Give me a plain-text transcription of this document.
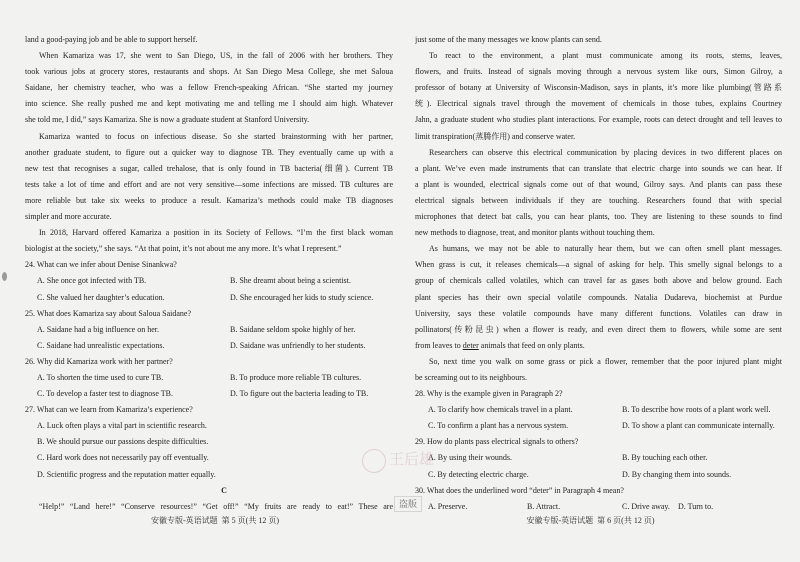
land a good-paying job and be able to support herself.
When Kamariza was 17, she went to San Diego, US, in the fall of 2006 with her brothers. They
took various jobs at grocery stores, restaurants and shops. At San Diego Mesa College, she met Saloua
Saidane, her chemistry teacher, who was a fellow French-speaking African. “She started my journey
into science. She really pushed me and kept motivating me and telling me I should aim high. Whatever
she told me, I did,” says Kamariza. She is now a graduate student at Stanford University.
Kamariza wanted to focus on infectious disease. So she started brainstorming with her partner,
another graduate student, to figure out a quicker way to diagnose TB. They eventually came up with a
new test that recognises a sugar, called trehalose, that is only found in TB bacteria(细菌). Current TB
tests take a lot of time and effort and are not very sensitive—some infections are missed. TB cultures are
more reliable but take six weeks to produce a result. Kamariza’s methods could make TB diagnoses
simpler and more accurate.
In 2018, Harvard offered Kamariza a position in its Society of Fellows. “I’m the first black woman
biologist at the society,” she says. “At that point, it’s not about me any more. It’s what I represent.”
24. What can we infer about Denise Sinankwa?
A. She once got infected with TB.	B. She dreamt about being a scientist.
C. She valued her daughter’s education.	D. She encouraged her kids to study science.
25. What does Kamariza say about Saloua Saidane?
A. Saidane had a big influence on her.	B. Saidane seldom spoke highly of her.
C. Saidane had unrealistic expectations.	D. Saidane was unfriendly to her students.
26. Why did Kamariza work with her partner?
A. To shorten the time used to cure TB.	B. To produce more reliable TB cultures.
C. To develop a faster test to diagnose TB.	D. To figure out the bacteria leading to TB.
27. What can we learn from Kamariza’s experience?
A. Luck often plays a vital part in scientific research.
B. We should pursue our passions despite difficulties.
C. Hard work does not necessarily pay off eventually.
D. Scientific progress and the reputation matter equally.
C
“Help!” “Land here!” “Conserve resources!” “Get off!” “My fruits are ready to eat!” These are
just some of the many messages we know plants can send.
To react to the environment, a plant must communicate among its roots, stems, leaves,
flowers, and fruits. Instead of signals moving through a nervous system like ours, Simon Gilroy, a
professor of botany at University of Wisconsin-Madison, says in plants, it’s more like plumbing(管路系
统). Electrical signals travel through the movement of chemicals in those tubes, explains Courtney
Jahn, a graduate student who studies plant interactions. For example, roots can detect drought and tell leaves to
limit transpiration(蒸腾作用) and conserve water.
Researchers can observe this electrical communication by placing devices in two different places on
a plant. We’ve even made instruments that can translate that electric charge into sounds we can hear. If
a plant is wounded, electrical signals come out of that wound, Gilroy says. And plants can pass these
electrical signals between individuals if they are touching. Researchers found that with special
microphones that detect bat calls, you can hear plants, too. They are listening to these sounds to find
new methods to diagnose, treat, and monitor plants without touching them.
As humans, we may not be able to naturally hear them, but we can often smell plant messages.
When grass is cut, it releases chemicals—a signal of asking for help. This smelly signal belongs to a
group of chemicals called volatiles, which can travel far as gases both above and below ground. Each
plant species has their own special volatile compounds. Natalia Dudareva, biochemist at Purdue
University, says these volatile compounds have many different functions. Volatiles can draw in
pollinators(传粉昆虫) when a flower is ready, and even direct them to flowers, while some are sent
from leaves to deter animals that feed on only plants.
So, next time you walk on some grass or pick a flower, remember that the poor injured plant might
be screaming out to its neighbours.
28. Why is the example given in Paragraph 2?
A. To clarify how chemicals travel in a plant.	B. To describe how roots of a plant work well.
C. To confirm a plant has a nervous system.	D. To show a plant can communicate internally.
29. How do plants pass electrical signals to others?
A. By using their wounds.	B. By touching each other.
C. By detecting electric charge.	D. By changing them into sounds.
30. What does the underlined word “deter” in Paragraph 4 mean?
A. Preserve.	B. Attract.	C. Drive away.	D. Turn to.
王后雄
盗版
安徽专版-英语试题  第 5 页(共 12 页)	安徽专版-英语试题  第 6 页(共 12 页)
